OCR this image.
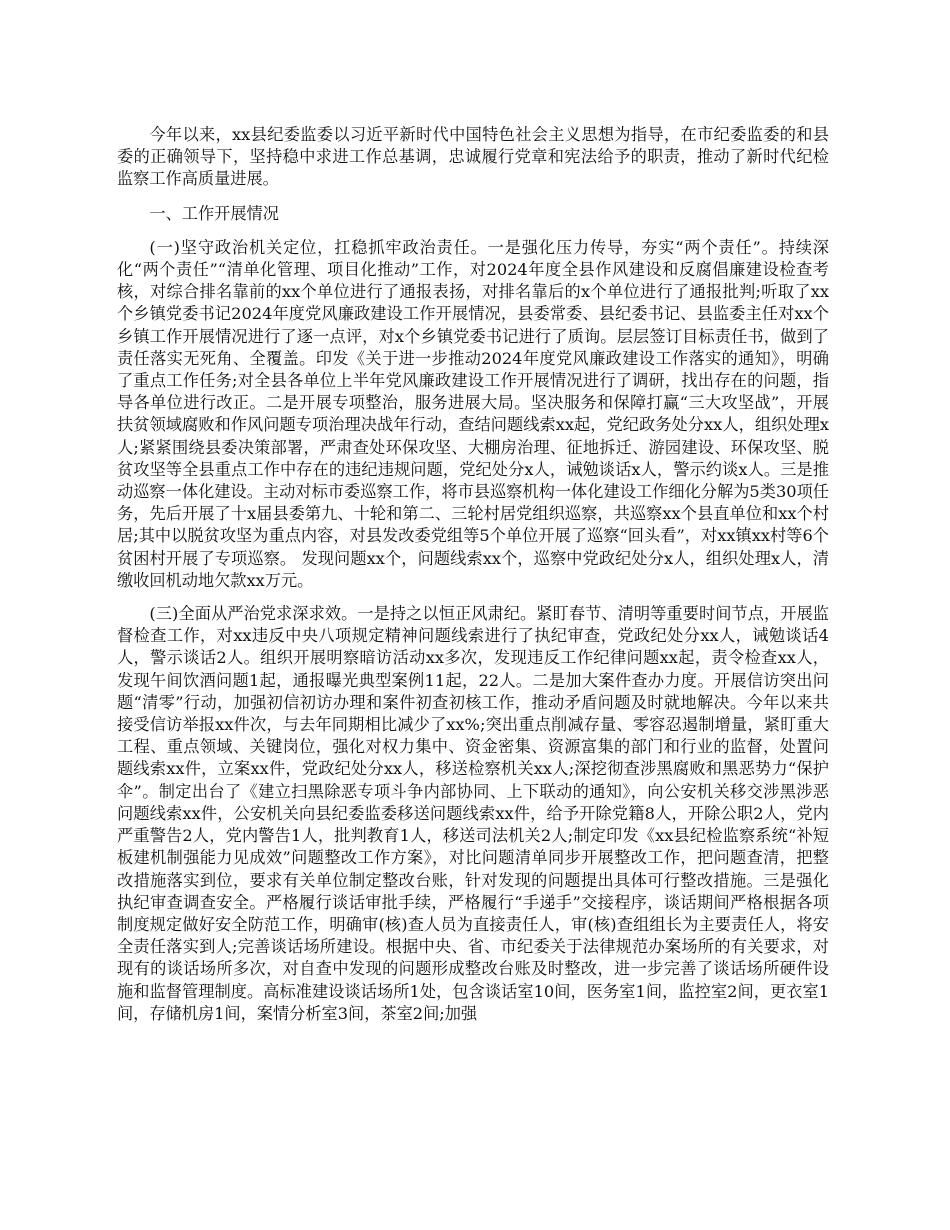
今年以来，xx县纪委监委以习近平新时代中国特色社会主义思想为指导，在市纪委监委的和县委的正确领导下，坚持稳中求进工作总基调，忠诚履行党章和宪法给予的职责，推动了新时代纪检监察工作高质量进展。

一、工作开展情况

(一)坚守政治机关定位，扛稳抓牢政治责任。一是强化压力传导，夯实“两个责任”。持续深化“两个责任”“清单化管理、项目化推动”工作，对2024年度全县作风建设和反腐倡廉建设检查考核，对综合排名靠前的xx个单位进行了通报表扬，对排名靠后的x个单位进行了通报批判;听取了xx个乡镇党委书记2024年度党风廉政建设工作开展情况，县委常委、县纪委书记、县监委主任对xx个乡镇工作开展情况进行了逐一点评，对x个乡镇党委书记进行了质询。层层签订目标责任书，做到了责任落实无死角、全覆盖。印发《关于进一步推动2024年度党风廉政建设工作落实的通知》，明确了重点工作任务;对全县各单位上半年党风廉政建设工作开展情况进行了调研，找出存在的问题，指导各单位进行改正。二是开展专项整治，服务进展大局。坚决服务和保障打赢“三大攻坚战”，开展扶贫领域腐败和作风问题专项治理决战年行动，查结问题线索xx起，党纪政务处分xx人，组织处理x人;紧紧围绕县委决策部署，严肃查处环保攻坚、大棚房治理、征地拆迁、游园建设、环保攻坚、脱贫攻坚等全县重点工作中存在的违纪违规问题，党纪处分x人，诫勉谈话x人，警示约谈x人。三是推动巡察一体化建设。主动对标市委巡察工作，将市县巡察机构一体化建设工作细化分解为5类30项任务，先后开展了十x届县委第九、十轮和第二、三轮村居党组织巡察，共巡察xx个县直单位和xx个村居;其中以脱贫攻坚为重点内容，对县发改委党组等5个单位开展了巡察“回头看”，对xx镇xx村等6个贫困村开展了专项巡察。 发现问题xx个，问题线索xx个，巡察中党政纪处分x人，组织处理x人，清缴收回机动地欠款xx万元。

(三)全面从严治党求深求效。一是持之以恒正风肃纪。紧盯春节、清明等重要时间节点，开展监督检查工作，对xx违反中央八项规定精神问题线索进行了执纪审查，党政纪处分xx人，诫勉谈话4人，警示谈话2人。组织开展明察暗访活动xx多次，发现违反工作纪律问题xx起，责令检查xx人，发现午间饮酒问题1起，通报曝光典型案例11起，22人。二是加大案件查办力度。开展信访突出问题“清零”行动，加强初信初访办理和案件初查初核工作，推动矛盾问题及时就地解决。今年以来共接受信访举报xx件次，与去年同期相比减少了xx%;突出重点削减存量、零容忍遏制增量，紧盯重大工程、重点领域、关键岗位，强化对权力集中、资金密集、资源富集的部门和行业的监督，处置问题线索xx件，立案xx件，党政纪处分xx人，移送检察机关xx人;深挖彻查涉黑腐败和黑恶势力“保护伞”。制定出台了《建立扫黑除恶专项斗争内部协同、上下联动的通知》，向公安机关移交涉黑涉恶问题线索xx件，公安机关向县纪委监委移送问题线索xx件，给予开除党籍8人，开除公职2人，党内严重警告2人，党内警告1人，批判教育1人，移送司法机关2人;制定印发《xx县纪检监察系统“补短板建机制强能力见成效”问题整改工作方案》，对比问题清单同步开展整改工作，把问题查清，把整改措施落实到位，要求有关单位制定整改台账，针对发现的问题提出具体可行整改措施。三是强化执纪审查调查安全。严格履行谈话审批手续，严格履行“手递手”交接程序，谈话期间严格根据各项制度规定做好安全防范工作，明确审(核)查人员为直接责任人，审(核)查组组长为主要责任人，将安全责任落实到人;完善谈话场所建设。根据中央、省、市纪委关于法律规范办案场所的有关要求，对现有的谈话场所多次，对自查中发现的问题形成整改台账及时整改，进一步完善了谈话场所硬件设施和监督管理制度。高标准建设谈话场所1处，包含谈话室10间，医务室1间，监控室2间，更衣室1间，存储机房1间，案情分析室3间，茶室2间;加强
